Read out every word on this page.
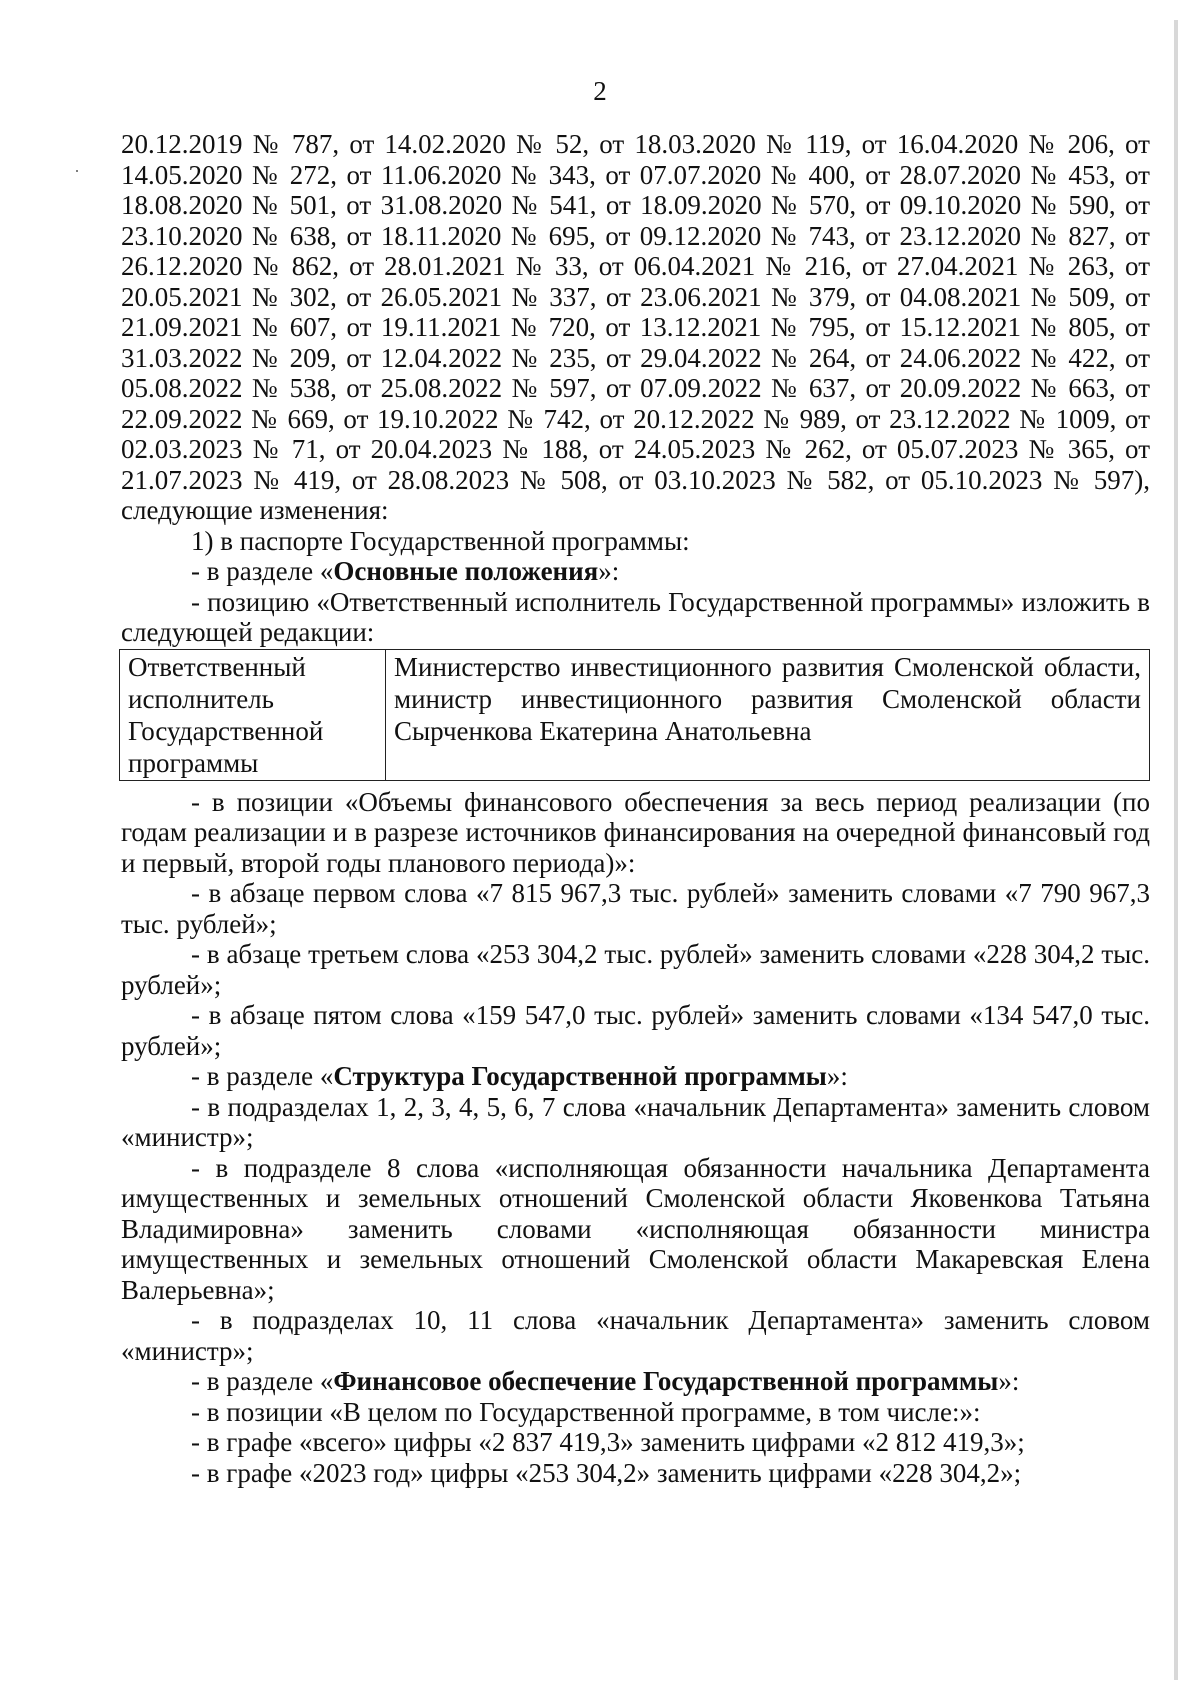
2

20.12.2019 № 787, от 14.02.2020 № 52, от 18.03.2020 № 119, от 16.04.2020 № 206, от 14.05.2020 № 272, от 11.06.2020 № 343, от 07.07.2020 № 400, от 28.07.2020 № 453, от 18.08.2020 № 501, от 31.08.2020 № 541, от 18.09.2020 № 570, от 09.10.2020 № 590, от 23.10.2020 № 638, от 18.11.2020 № 695, от 09.12.2020 № 743, от 23.12.2020 № 827, от 26.12.2020 № 862, от 28.01.2021 № 33, от 06.04.2021 № 216, от 27.04.2021 № 263, от 20.05.2021 № 302, от 26.05.2021 № 337, от 23.06.2021 № 379, от 04.08.2021 № 509, от 21.09.2021 № 607, от 19.11.2021 № 720, от 13.12.2021 № 795, от 15.12.2021 № 805, от 31.03.2022 № 209, от 12.04.2022 № 235, от 29.04.2022 № 264, от 24.06.2022 № 422, от 05.08.2022 № 538, от 25.08.2022 № 597, от 07.09.2022 № 637, от 20.09.2022 № 663, от 22.09.2022 № 669, от 19.10.2022 № 742, от 20.12.2022 № 989, от 23.12.2022 № 1009, от 02.03.2023 № 71, от 20.04.2023 № 188, от 24.05.2023 № 262, от 05.07.2023 № 365, от 21.07.2023 № 419, от 28.08.2023 № 508, от 03.10.2023 № 582, от 05.10.2023 № 597), следующие изменения:

1) в паспорте Государственной программы:

- в разделе «Основные положения»:

- позицию «Ответственный исполнитель Государственной программы» изложить в следующей редакции:

Ответственный исполнитель Государственной программы	Министерство инвестиционного развития Смоленской области, министр инвестиционного развития Смоленской области Сырченкова Екатерина Анатольевна

- в позиции «Объемы финансового обеспечения за весь период реализации (по годам реализации и в разрезе источников финансирования на очередной финансовый год и первый, второй годы планового периода)»:

- в абзаце первом слова «7 815 967,3 тыс. рублей» заменить словами «7 790 967,3 тыс. рублей»;

- в абзаце третьем слова «253 304,2 тыс. рублей» заменить словами «228 304,2 тыс. рублей»;

- в абзаце пятом слова «159 547,0 тыс. рублей» заменить словами «134 547,0 тыс. рублей»;

- в разделе «Структура Государственной программы»:

- в подразделах 1, 2, 3, 4, 5, 6, 7 слова «начальник Департамента» заменить словом «министр»;

- в подразделе 8 слова «исполняющая обязанности начальника Департамента имущественных и земельных отношений Смоленской области Яковенкова Татьяна Владимировна» заменить словами «исполняющая обязанности министра имущественных и земельных отношений Смоленской области Макаревская Елена Валерьевна»;

- в подразделах 10, 11 слова «начальник Департамента» заменить словом «министр»;

- в разделе «Финансовое обеспечение Государственной программы»:

- в позиции «В целом по Государственной программе, в том числе:»:

- в графе «всего» цифры «2 837 419,3» заменить цифрами «2 812 419,3»;

- в графе «2023 год» цифры «253 304,2» заменить цифрами «228 304,2»;
